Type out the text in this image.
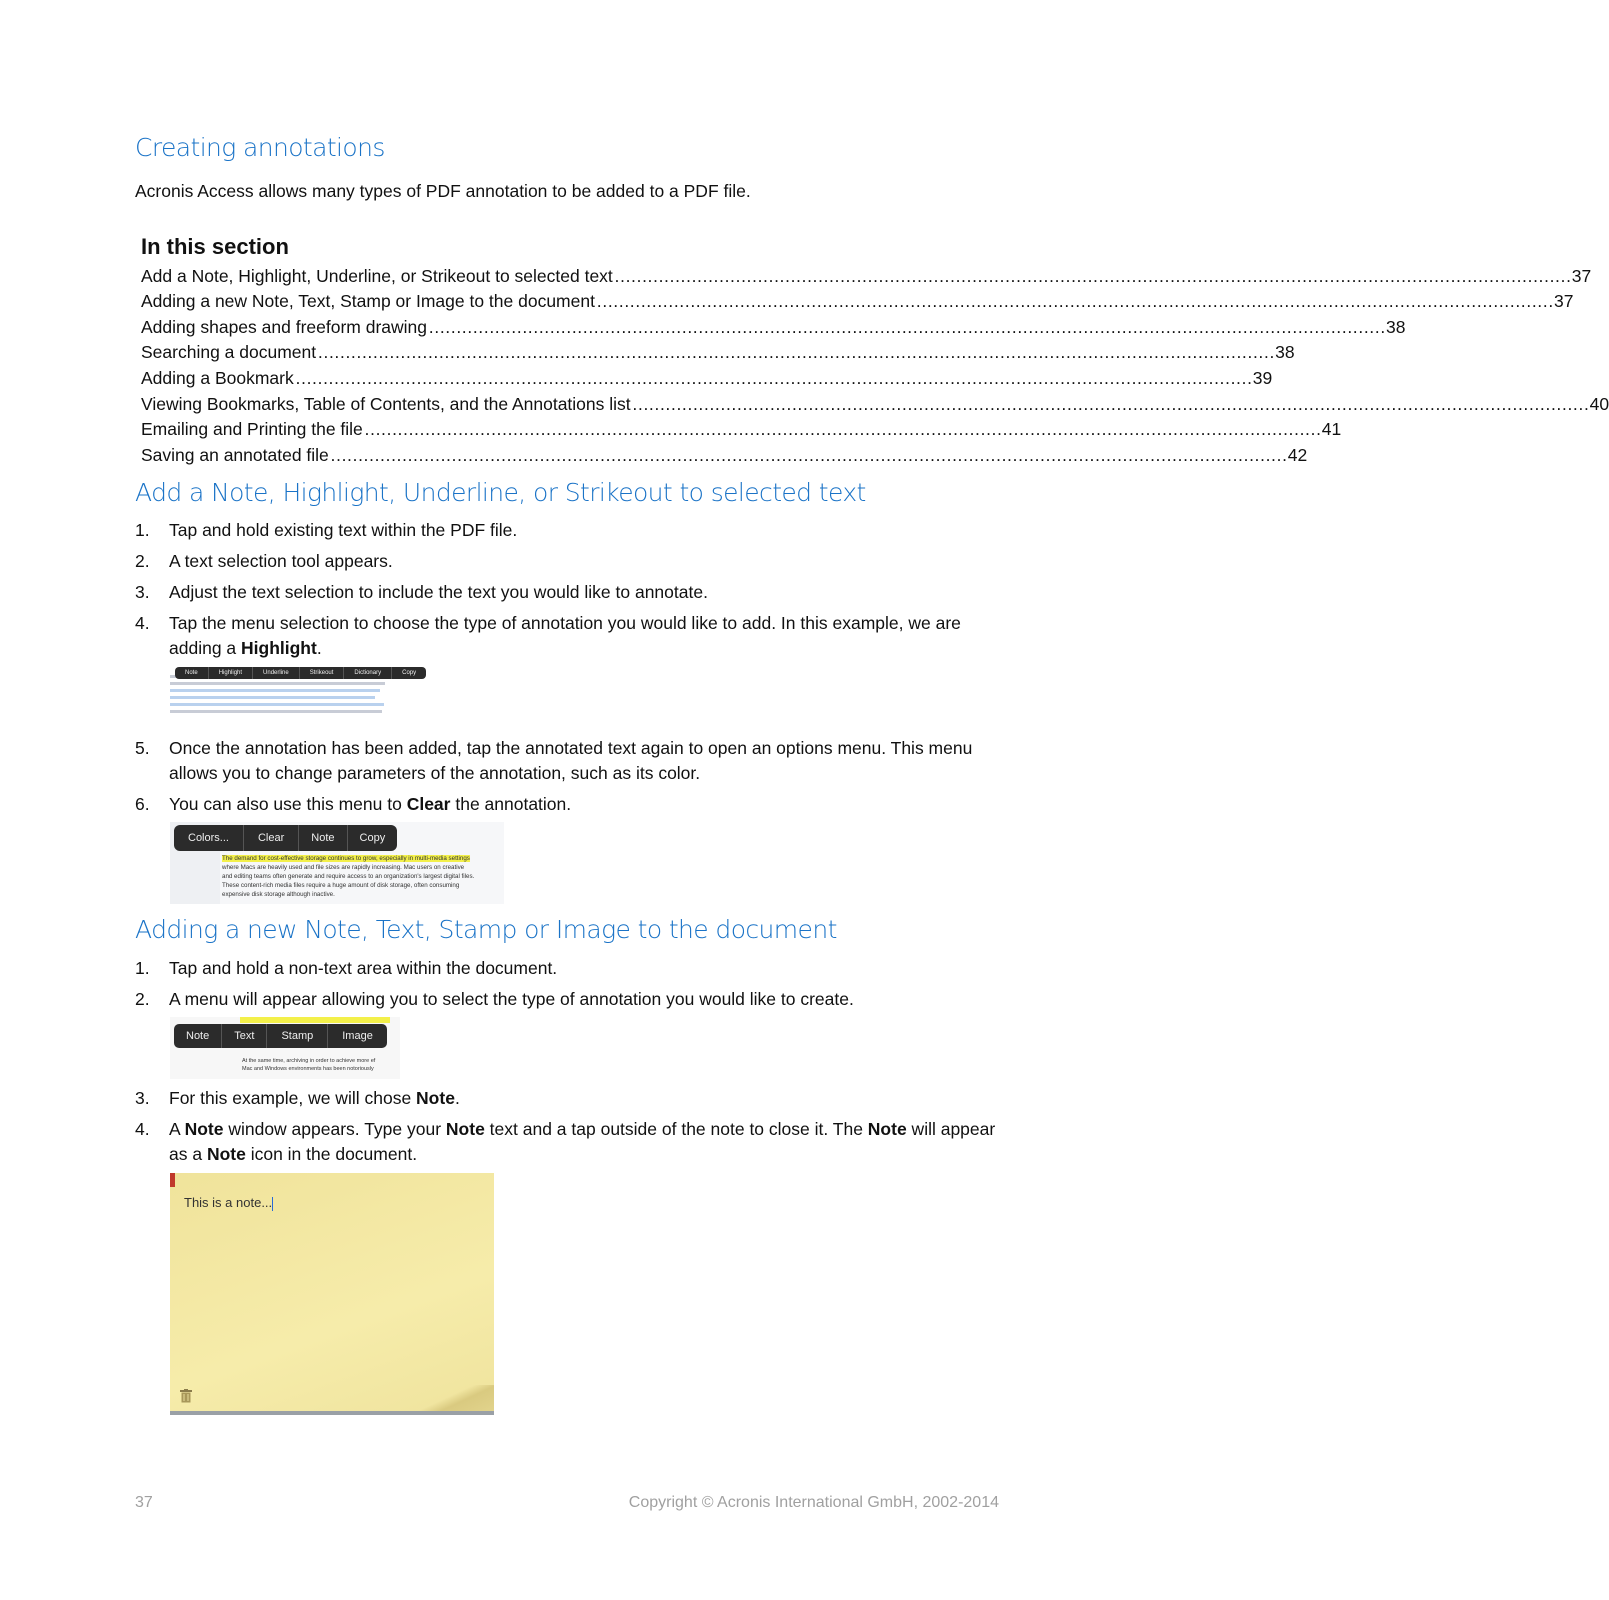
Creating annotations

Acronis Access allows many types of PDF annotation to be added to a PDF file.

In this section
Add a Note, Highlight, Underline, or Strikeout to selected text …………………………………………………………………………………………………………………………………………………………	37
Adding a new Note, Text, Stamp or Image to the document …………………………………………………………………………………………………………………………………………………………	37
Adding shapes and freeform drawing …………………………………………………………………………………………………………………………………………………………	38
Searching a document …………………………………………………………………………………………………………………………………………………………	38
Adding a Bookmark …………………………………………………………………………………………………………………………………………………………	39
Viewing Bookmarks, Table of Contents, and the Annotations list …………………………………………………………………………………………………………………………………………………………	40
Emailing and Printing the file …………………………………………………………………………………………………………………………………………………………	41
Saving an annotated file …………………………………………………………………………………………………………………………………………………………	42
Add a Note, Highlight, Underline, or Strikeout to selected text
1.	Tap and hold existing text within the PDF file.
2.	A text selection tool appears.
3.	Adjust the text selection to include the text you would like to annotate.
4.	Tap the menu selection to choose the type of annotation you would like to add. In this example, we are adding a Highlight.
Note	Highlight	Underline	Strikeout	Dictionary	Copy
5.	Once the annotation has been added, tap the annotated text again to open an options menu. This menu allows you to change parameters of the annotation, such as its color.
6.	You can also use this menu to Clear the annotation.
The demand for cost-effective storage continues to grow, especially in multi-media settings
where Macs are heavily used and file sizes are rapidly increasing. Mac users on creative
and editing teams often generate and require access to an organization's largest digital files.
These content-rich media files require a huge amount of disk storage, often consuming
expensive disk storage although inactive.
Colors...	Clear	Note	Copy
Adding a new Note, Text, Stamp or Image to the document
1.	Tap and hold a non-text area within the document.
2.	A menu will appear allowing you to select the type of annotation you would like to create.
At the same time, archiving in order to achieve more ef
Mac and Windows environments has been notoriously
Note	Text	Stamp	Image
3.	For this example, we will chose Note.
4.	A Note window appears. Type your Note text and a tap outside of the note to close it. The Note will appear as a Note icon in the document.
This is a note...
37	Copyright © Acronis International GmbH, 2002-2014
